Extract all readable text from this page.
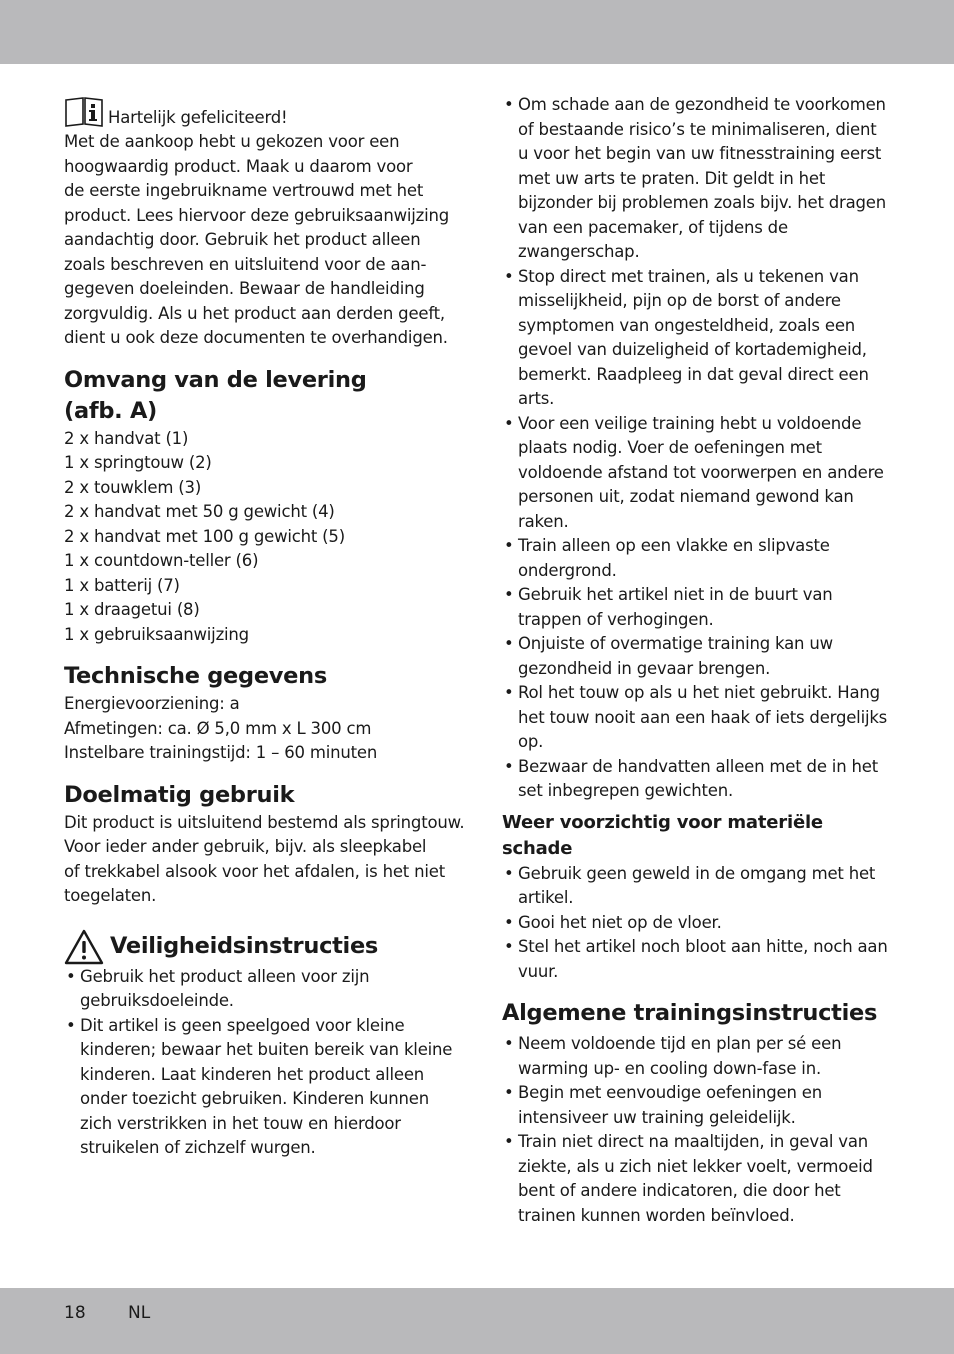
Hartelijk gefeliciteerd!
Met de aankoop hebt u gekozen voor een
hoogwaardig product. Maak u daarom voor
de eerste ingebruikname vertrouwd met het
product. Lees hiervoor deze gebruiksaanwijzing
aandachtig door. Gebruik het product alleen
zoals beschreven en uitsluitend voor de aan-
gegeven doeleinden. Bewaar de handleiding
zorgvuldig. Als u het product aan derden geeft,
dient u ook deze documenten te overhandigen.
Omvang van de levering
(afb. A)
2 x handvat (1)
1 x springtouw (2)
2 x touwklem (3)
2 x handvat met 50 g gewicht (4)
2 x handvat met 100 g gewicht (5)
1 x countdown-teller (6)
1 x batterij (7)
1 x draagetui (8)
1 x gebruiksaanwijzing
Technische gegevens
Energievoorziening: a
Afmetingen: ca. Ø 5,0 mm x L 300 cm
Instelbare trainingstijd: 1 – 60 minuten
Doelmatig gebruik
Dit product is uitsluitend bestemd als springtouw.
Voor ieder ander gebruik, bijv. als sleepkabel
of trekkabel alsook voor het afdalen, is het niet
toegelaten.
Veiligheidsinstructies
• Gebruik het product alleen voor zijn
gebruiksdoeleinde.
• Dit artikel is geen speelgoed voor kleine
kinderen; bewaar het buiten bereik van kleine
kinderen. Laat kinderen het product alleen
onder toezicht gebruiken. Kinderen kunnen
zich verstrikken in het touw en hierdoor
struikelen of zichzelf wurgen.
• Om schade aan de gezondheid te voorkomen
of bestaande risico’s te minimaliseren, dient
u voor het begin van uw fitnesstraining eerst
met uw arts te praten. Dit geldt in het
bijzonder bij problemen zoals bijv. het dragen
van een pacemaker, of tijdens de
zwangerschap.
• Stop direct met trainen, als u tekenen van
misselijkheid, pijn op de borst of andere
symptomen van ongesteldheid, zoals een
gevoel van duizeligheid of kortademigheid,
bemerkt. Raadpleeg in dat geval direct een
arts.
• Voor een veilige training hebt u voldoende
plaats nodig. Voer de oefeningen met
voldoende afstand tot voorwerpen en andere
personen uit, zodat niemand gewond kan
raken.
• Train alleen op een vlakke en slipvaste
ondergrond.
• Gebruik het artikel niet in de buurt van
trappen of verhogingen.
• Onjuiste of overmatige training kan uw
gezondheid in gevaar brengen.
• Rol het touw op als u het niet gebruikt. Hang
het touw nooit aan een haak of iets dergelijks
op.
• Bezwaar de handvatten alleen met de in het
set inbegrepen gewichten.
Weer voorzichtig voor materiële
schade
• Gebruik geen geweld in de omgang met het
artikel.
• Gooi het niet op de vloer.
• Stel het artikel noch bloot aan hitte, noch aan
vuur.
Algemene trainingsinstructies
• Neem voldoende tijd en plan per sé een
warming up- en cooling down-fase in.
• Begin met eenvoudige oefeningen en
intensiveer uw training geleidelijk.
• Train niet direct na maaltijden, in geval van
ziekte, als u zich niet lekker voelt, vermoeid
bent of andere indicatoren, die door het
trainen kunnen worden beïnvloed.
18 NL
